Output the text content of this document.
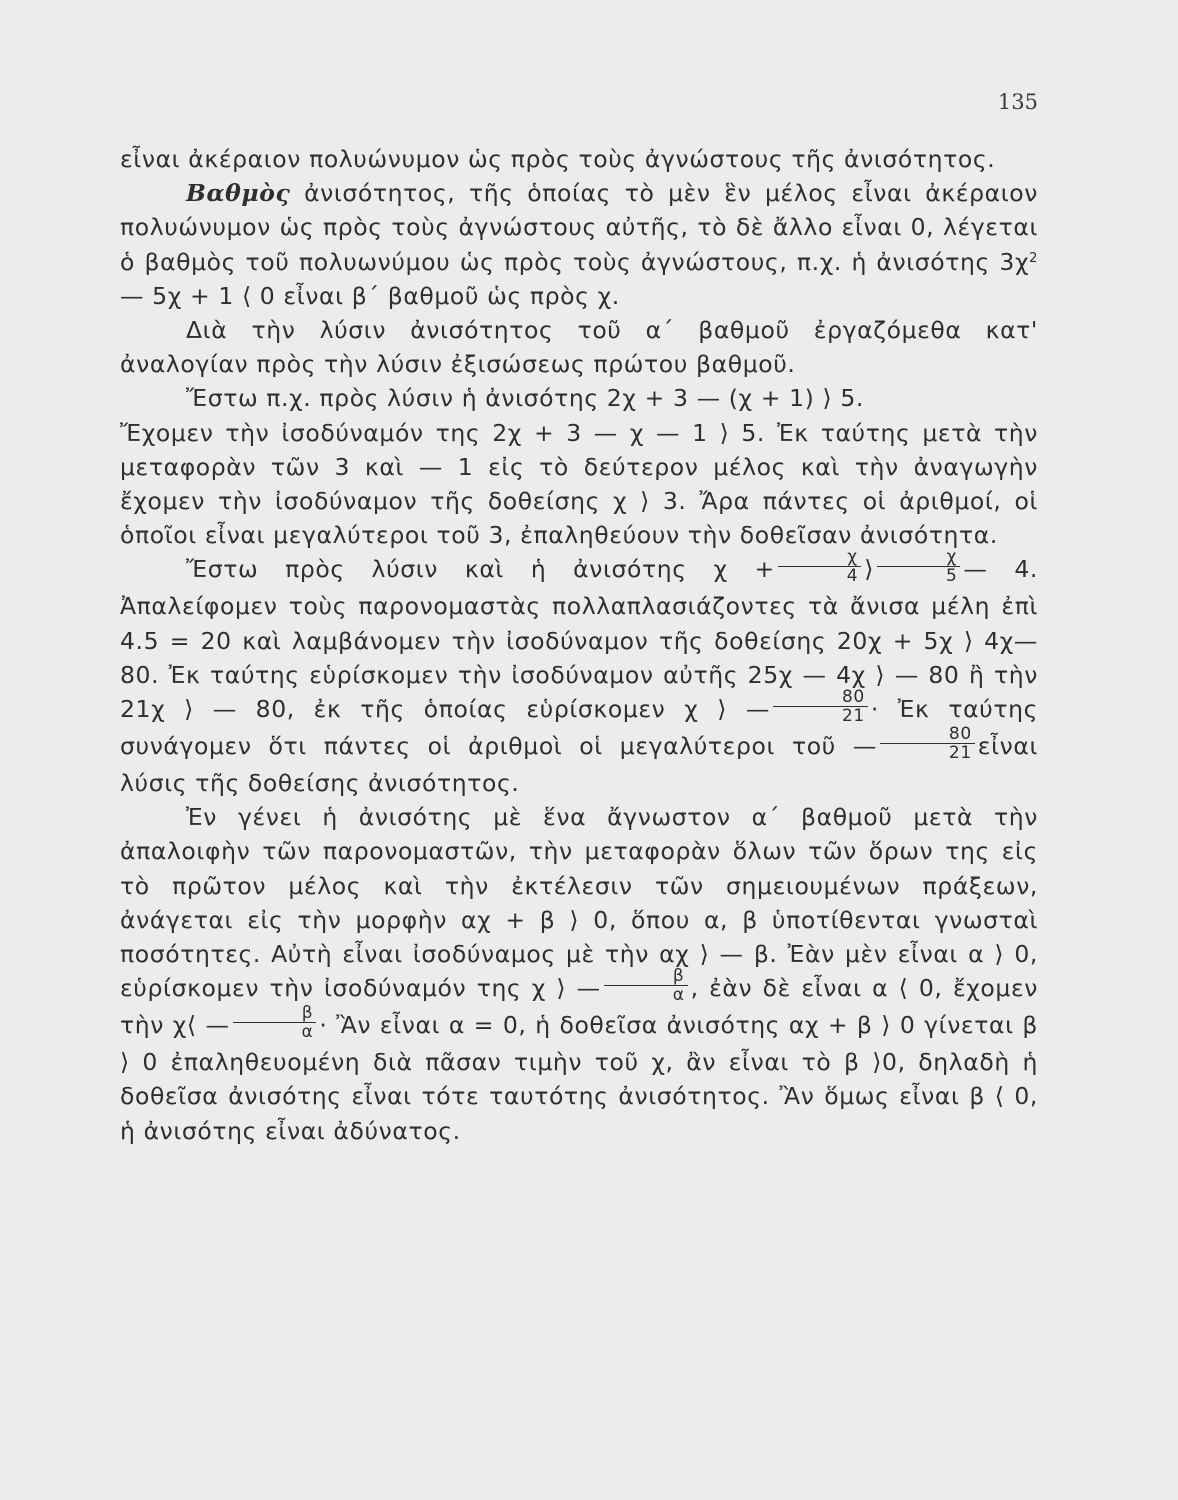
135

εἶναι ἀκέραιον πολυώνυμον ὡς πρὸς τοὺς ἀγνώστους τῆς ἀνισότητος.

Βαθμὸς ἀνισότητος, τῆς ὁποίας τὸ μὲν ἓν μέλος εἶναι ἀκέραιον πολυώνυμον ὡς πρὸς τοὺς ἀγνώστους αὐτῆς, τὸ δὲ ἄλλο εἶναι 0, λέγεται ὁ βαθμὸς τοῦ πολυωνύμου ὡς πρὸς τοὺς ἀγνώστους, π.χ. ἡ ἀνισότης $3\chi^2$ — 5χ + 1 ⟨ 0 εἶναι β΄ βαθμοῦ ὡς πρὸς χ.

Διὰ τὴν λύσιν ἀνισότητος τοῦ α΄ βαθμοῦ ἐργαζόμεθα κατ' ἀναλογίαν πρὸς τὴν λύσιν ἐξισώσεως πρώτου βαθμοῦ.

Ἔστω π.χ. πρὸς λύσιν ἡ ἀνισότης 2χ + 3 — (χ + 1) ⟩ 5.

Ἔχομεν τὴν ἰσοδύναμόν της 2χ + 3 — χ — 1 ⟩ 5. Ἐκ ταύτης μετὰ τὴν μεταφορὰν τῶν 3 καὶ — 1 εἰς τὸ δεύτερον μέλος καὶ τὴν ἀναγωγὴν ἔχομεν τὴν ἰσοδύναμον τῆς δοθείσης χ ⟩ 3. Ἄρα πάντες οἱ ἀριθμοί, οἱ ὁποῖοι εἶναι μεγαλύτεροι τοῦ 3, ἐπαληθεύουν τὴν δοθεῖσαν ἀνισότητα.

Ἔστω πρὸς λύσιν καὶ ἡ ἀνισότης $\chi + \frac{\chi}{4}$ ⟩ $\frac{\chi}{5}$ — 4. Ἀπαλείφομεν τοὺς παρονομαστὰς πολλαπλασιάζοντες τὰ ἄνισα μέλη ἐπὶ 4.5 = 20 καὶ λαμβάνομεν τὴν ἰσοδύναμον τῆς δοθείσης 20χ + 5χ ⟩ 4χ—80. Ἐκ ταύτης εὑρίσκομεν τὴν ἰσοδύναμον αὐτῆς 25χ — 4χ ⟩ — 80 ἢ τὴν 21χ ⟩ — 80, ἐκ τῆς ὁποίας εὑρίσκομεν χ ⟩ — $\frac{80}{21}$ · Ἐκ ταύτης συνάγομεν ὅτι πάντες οἱ ἀριθμοὶ οἱ μεγαλύτεροι τοῦ — $\frac{80}{21}$ εἶναι λύσις τῆς δοθείσης ἀνισότητος.

Ἐν γένει ἡ ἀνισότης μὲ ἕνα ἄγνωστον α΄ βαθμοῦ μετὰ τὴν ἀπαλοιφὴν τῶν παρονομαστῶν, τὴν μεταφορὰν ὅλων τῶν ὅρων της εἰς τὸ πρῶτον μέλος καὶ τὴν ἐκτέλεσιν τῶν σημειουμένων πράξεων, ἀνάγεται εἰς τὴν μορφὴν αχ + β ⟩ 0, ὅπου α, β ὑποτίθενται γνωσταὶ ποσότητες. Αὐτὴ εἶναι ἰσοδύναμος μὲ τὴν αχ ⟩ — β. Ἐὰν μὲν εἶναι α ⟩ 0, εὑρίσκομεν τὴν ἰσοδύναμόν της χ ⟩ — $\frac{\beta}{\alpha}$ , ἐὰν δὲ εἶναι α ⟨ 0, ἔχομεν τὴν χ⟨ — $\frac{\beta}{\alpha}$ · Ἂν εἶναι α = 0, ἡ δοθεῖσα ἀνισότης αχ + β ⟩ 0 γίνεται β ⟩ 0 ἐπαληθευομένη διὰ πᾶσαν τιμὴν τοῦ χ, ἂν εἶναι τὸ β ⟩0, δηλαδὴ ἡ δοθεῖσα ἀνισότης εἶναι τότε ταυτότης ἀνισότητος. Ἂν ὅμως εἶναι β ⟨ 0, ἡ ἀνισότης εἶναι ἀδύνατος.
